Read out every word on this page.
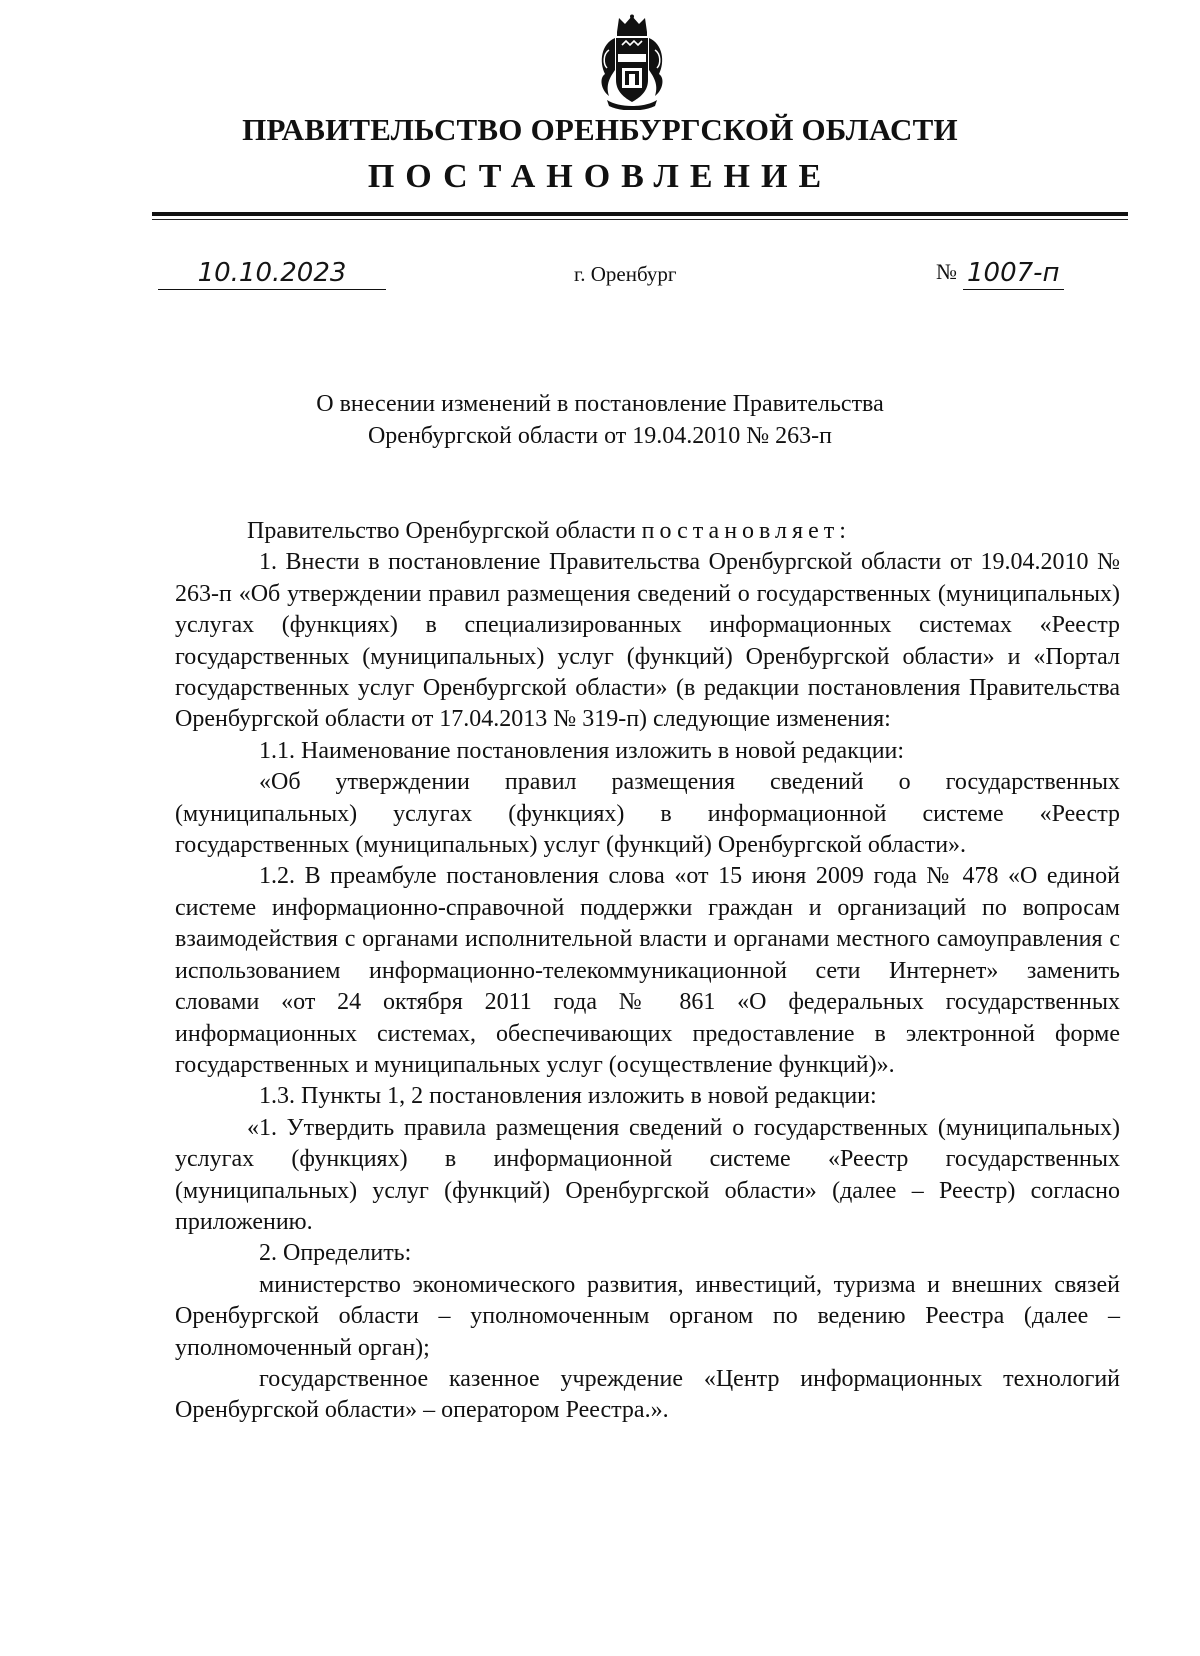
ПРАВИТЕЛЬСТВО ОРЕНБУРГСКОЙ ОБЛАСТИ
ПОСТАНОВЛЕНИЕ
10.10.2023	г. Оренбург	№ 1007-п
О внесении изменений в постановление Правительства
Оренбургской области от 19.04.2010 № 263-п

Правительство Оренбургской области постановляет:

1. Внести в постановление Правительства Оренбургской области от 19.04.2010 № 263-п «Об утверждении правил размещения сведений о государственных (муниципальных) услугах (функциях) в специализированных информационных системах «Реестр государственных (муниципальных) услуг (функций) Оренбургской области» и «Портал государственных услуг Оренбургской области» (в редакции постановления Правительства Оренбургской области от 17.04.2013 № 319-п) следующие изменения:

1.1. Наименование постановления изложить в новой редакции:

«Об утверждении правил размещения сведений о государственных (муниципальных) услугах (функциях) в информационной системе «Реестр государственных (муниципальных) услуг (функций) Оренбургской области».

1.2. В преамбуле постановления слова «от 15 июня 2009 года № 478 «О единой системе информационно-справочной поддержки граждан и организаций по вопросам взаимодействия с органами исполнительной власти и органами местного самоуправления с использованием информационно-телекоммуникационной сети Интернет» заменить словами «от 24 октября 2011 года № 861 «О федеральных государственных информационных системах, обеспечивающих предоставление в электронной форме государственных и муниципальных услуг (осуществление функций)».

1.3. Пункты 1, 2 постановления изложить в новой редакции:

«1. Утвердить правила размещения сведений о государственных (муниципальных) услугах (функциях) в информационной системе «Реестр государственных (муниципальных) услуг (функций) Оренбургской области» (далее – Реестр) согласно приложению.

2. Определить:

министерство экономического развития, инвестиций, туризма и внешних связей Оренбургской области – уполномоченным органом по ведению Реестра (далее – уполномоченный орган);

государственное казенное учреждение «Центр информационных технологий Оренбургской области» – оператором Реестра.».
